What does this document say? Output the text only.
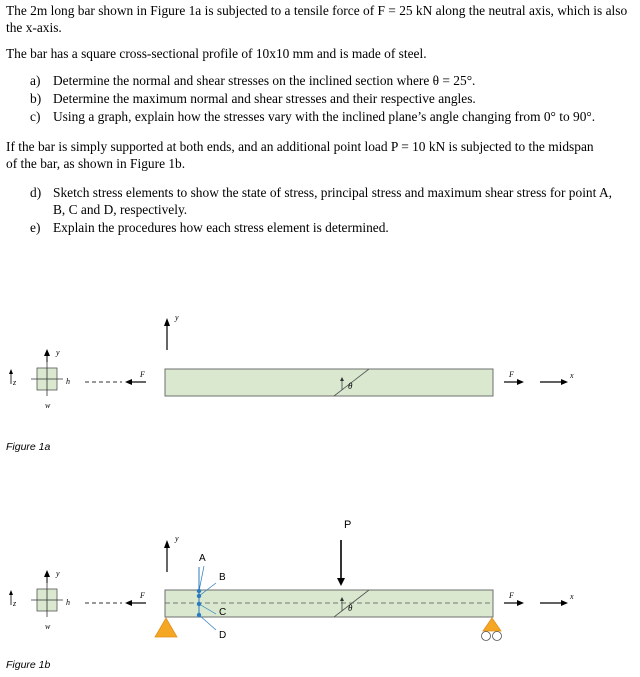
The 2m long bar shown in Figure 1a is subjected to a tensile force of F = 25 kN along the neutral axis, which is also the x-axis.

The bar has a square cross-sectional profile of 10x10 mm and is made of steel.

a) Determine the normal and shear stresses on the inclined section where θ = 25°.
b) Determine the maximum normal and shear stresses and their respective angles.
c) Using a graph, explain how the stresses vary with the inclined plane’s angle changing from 0° to 90°.

If the bar is simply supported at both ends, and an additional point load P = 10 kN is subjected to the midspan of the bar, as shown in Figure 1b.

d) Sketch stress elements to show the state of stress, principal stress and maximum shear stress for point A, B, C and D, respectively.
e) Explain the procedures how each stress element is determined.
y
z	h
w
F
y
θ
F	x
Figure 1a
y
z	h
w
F
y
θ
P
A
B
C
D
F	x
Figure 1b
